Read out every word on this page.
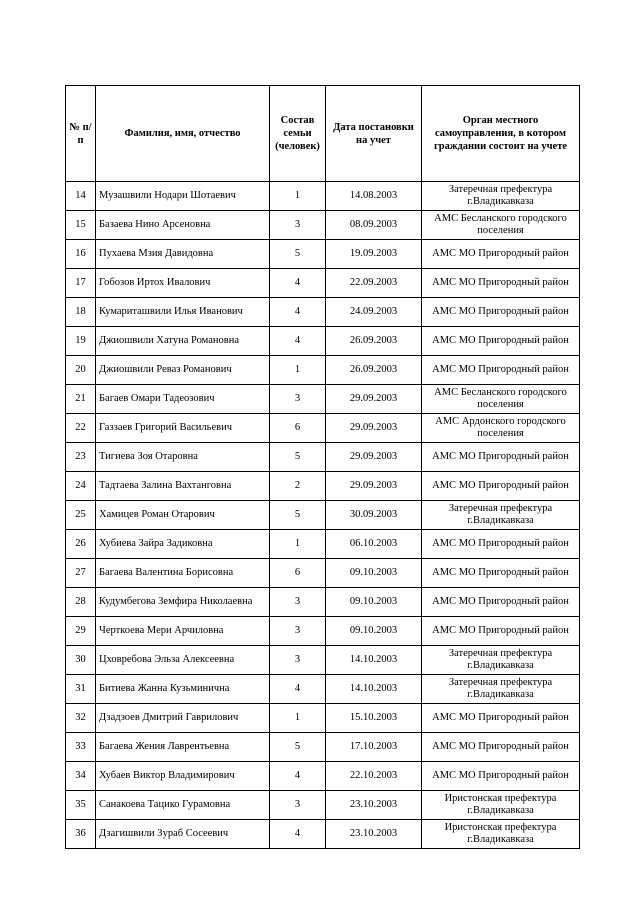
№ п/п	Фамилия, имя, отчество	Состав семьи (человек)	Дата постановки на учет	Орган местного самоуправления, в котором граждании состоит на учете
14	Музашвили Нодари Шотаевич	1	14.08.2003	Затеречная префектура г.Владикавказа
15	Базаева Нино Арсеновна	3	08.09.2003	АМС Бесланского городского поселения
16	Пухаева Мзия Давидовна	5	19.09.2003	АМС МО Пригородный район
17	Гобозов Иртох Ивалович	4	22.09.2003	АМС МО Пригородный район
18	Кумариташвили Илья Иванович	4	24.09.2003	АМС МО Пригородный район
19	Джиошвили Хатуна Романовна	4	26.09.2003	АМС МО Пригородный район
20	Джиошвили Реваз Романович	1	26.09.2003	АМС МО Пригородный район
21	Багаев Омари Тадеозович	3	29.09.2003	АМС Бесланского городского поселения
22	Газзаев Григорий Васильевич	6	29.09.2003	АМС Ардонского городского поселения
23	Тигиева Зоя Отаровна	5	29.09.2003	АМС МО Пригородный район
24	Тадтаева Залина Вахтанговна	2	29.09.2003	АМС МО Пригородный район
25	Хамицев Роман Отарович	5	30.09.2003	Затеречная префектура г.Владикавказа
26	Хубиева Зайра Задиковна	1	06.10.2003	АМС МО Пригородный район
27	Багаева Валентина Борисовна	6	09.10.2003	АМС МО Пригородный район
28	Кудумбегова Земфира Николаевна	3	09.10.2003	АМС МО Пригородный район
29	Черткоева Мери Арчиловна	3	09.10.2003	АМС МО Пригородный район
30	Цховребова Эльза Алексеевна	3	14.10.2003	Затеречная префектура г.Владикавказа
31	Битиева Жанна Кузьминична	4	14.10.2003	Затеречная префектура г.Владикавказа
32	Дзадзоев Дмитрий Гаврилович	1	15.10.2003	АМС МО Пригородный район
33	Багаева Жения Лаврентьевна	5	17.10.2003	АМС МО Пригородный район
34	Хубаев Виктор Владимирович	4	22.10.2003	АМС МО Пригородный район
35	Санакоева Тацико Гурамовна	3	23.10.2003	Иристонская префектура г.Владикавказа
36	Дзагишвили Зураб Сосеевич	4	23.10.2003	Иристонская префектура г.Владикавказа
